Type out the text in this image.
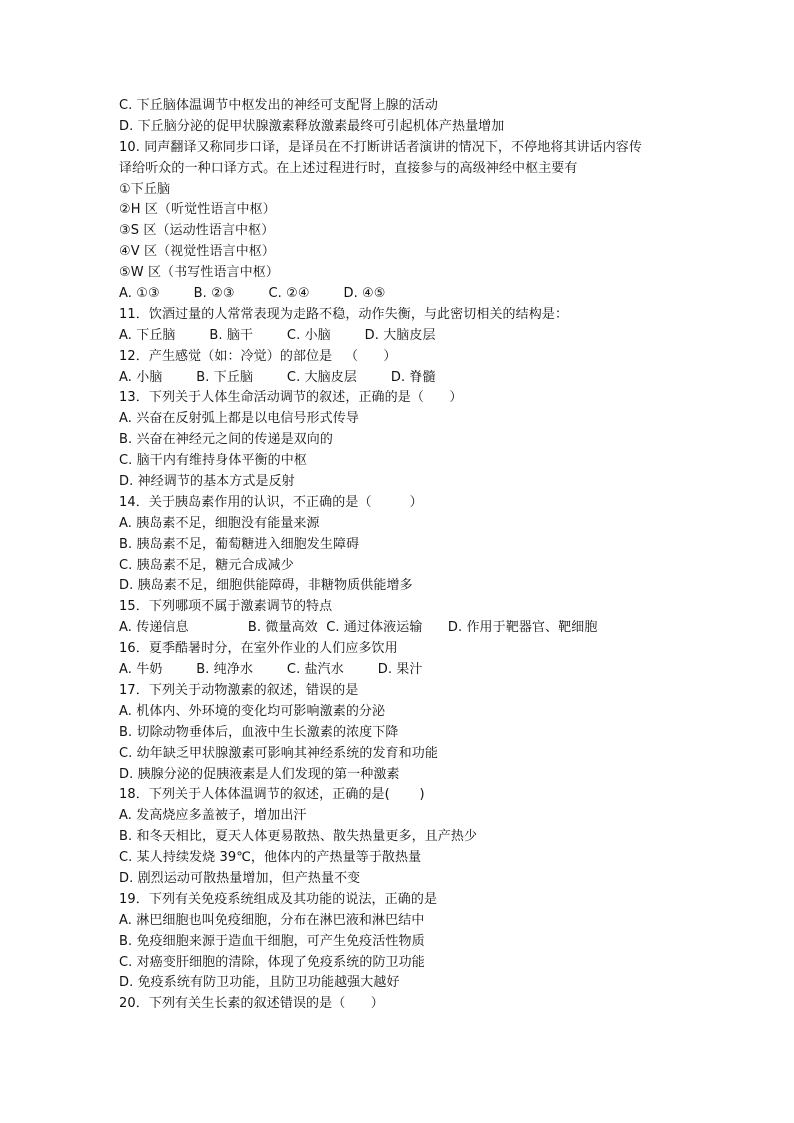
C. 下丘脑体温调节中枢发出的神经可支配肾上腺的活动
D. 下丘脑分泌的促甲状腺激素释放激素最终可引起机体产热量增加
10. 同声翻译又称同步口译，是译员在不打断讲话者演讲的情况下，不停地将其讲话内容传
译给听众的一种口译方式。在上述过程进行时，直接参与的高级神经中枢主要有
①下丘脑
②H 区（听觉性语言中枢）
③S 区（运动性语言中枢）
④V 区（视觉性语言中枢）
⑤W 区（书写性语言中枢）
A. ①③        B. ②③        C. ②④        D. ④⑤
11．饮酒过量的人常常表现为走路不稳，动作失衡，与此密切相关的结构是：
A. 下丘脑        B. 脑干        C. 小脑        D. 大脑皮层
12．产生感觉（如：冷觉）的部位是   （      ）
A. 小脑        B. 下丘脑        C. 大脑皮层        D. 脊髓
13．下列关于人体生命活动调节的叙述，正确的是（      ）
A. 兴奋在反射弧上都是以电信号形式传导
B. 兴奋在神经元之间的传递是双向的
C. 脑干内有维持身体平衡的中枢
D. 神经调节的基本方式是反射
14．关于胰岛素作用的认识，不正确的是（         ）
A. 胰岛素不足，细胞没有能量来源
B. 胰岛素不足，葡萄糖进入细胞发生障碍
C. 胰岛素不足，糖元合成减少
D. 胰岛素不足，细胞供能障碍，非糖物质供能增多
15．下列哪项不属于激素调节的特点
A. 传递信息              B. 微量高效  C. 通过体液运输      D. 作用于靶器官、靶细胞
16．夏季酷暑时分，在室外作业的人们应多饮用
A. 牛奶        B. 纯净水        C. 盐汽水        D. 果汁
17．下列关于动物激素的叙述，错误的是
A. 机体内、外环境的变化均可影响激素的分泌
B. 切除动物垂体后，血液中生长激素的浓度下降
C. 幼年缺乏甲状腺激素可影响其神经系统的发育和功能
D. 胰腺分泌的促胰液素是人们发现的第一种激素
18．下列关于人体体温调节的叙述，正确的是(       )
A. 发高烧应多盖被子，增加出汗
B. 和冬天相比，夏天人体更易散热、散失热量更多，且产热少
C. 某人持续发烧 39℃，他体内的产热量等于散热量
D. 剧烈运动可散热量增加，但产热量不变
19．下列有关免疫系统组成及其功能的说法，正确的是
A. 淋巴细胞也叫免疫细胞，分布在淋巴液和淋巴结中
B. 免疫细胞来源于造血干细胞，可产生免疫活性物质
C. 对癌变肝细胞的清除，体现了免疫系统的防卫功能
D. 免疫系统有防卫功能，且防卫功能越强大越好
20．下列有关生长素的叙述错误的是（      ）
